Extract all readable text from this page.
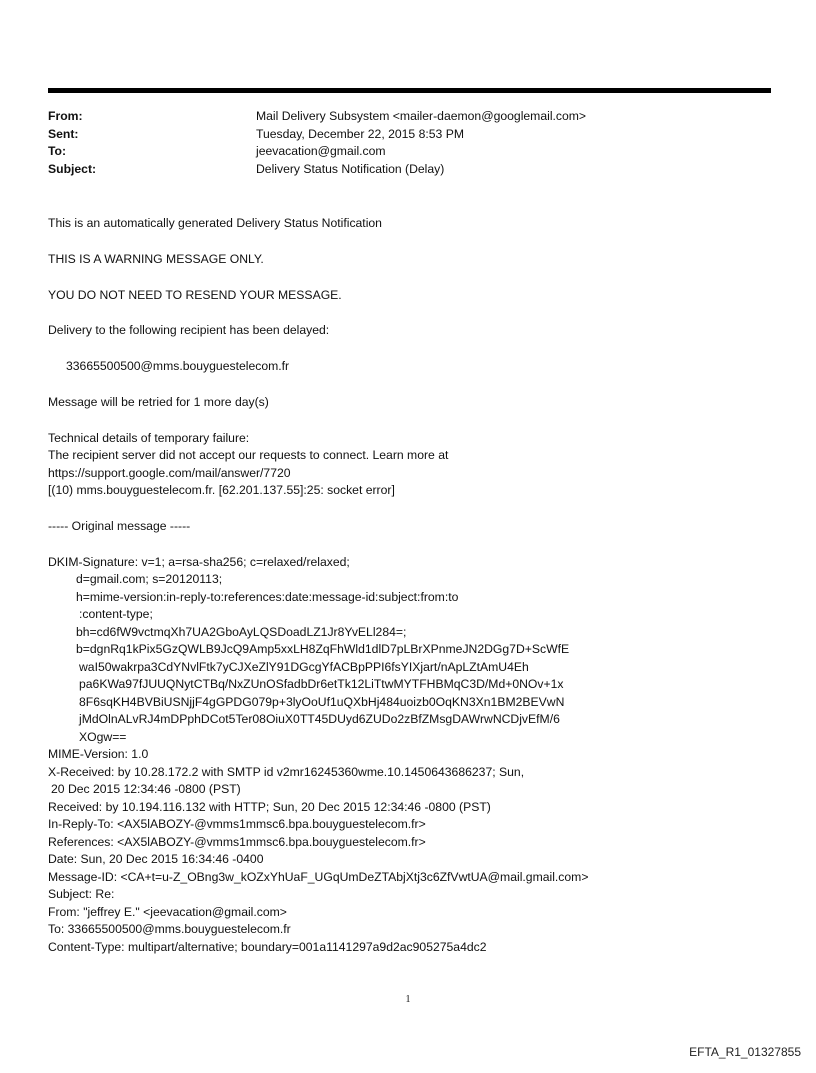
From:	Mail Delivery Subsystem <mailer-daemon@googlemail.com>
Sent:	Tuesday, December 22, 2015 8:53 PM
To:	jeevacation@gmail.com
Subject:	Delivery Status Notification (Delay)

This is an automatically generated Delivery Status Notification

THIS IS A WARNING MESSAGE ONLY.

YOU DO NOT NEED TO RESEND YOUR MESSAGE.

Delivery to the following recipient has been delayed:

33665500500@mms.bouyguestelecom.fr

Message will be retried for 1 more day(s)

Technical details of temporary failure:

The recipient server did not accept our requests to connect. Learn more at

https://support.google.com/mail/answer/7720

[(10) mms.bouyguestelecom.fr. [62.201.137.55]:25: socket error]

----- Original message -----

DKIM-Signature: v=1; a=rsa-sha256; c=relaxed/relaxed;

d=gmail.com; s=20120113;

h=mime-version:in-reply-to:references:date:message-id:subject:from:to

:content-type;

bh=cd6fW9vctmqXh7UA2GboAyLQSDoadLZ1Jr8YvELl284=;

b=dgnRq1kPix5GzQWLB9JcQ9Amp5xxLH8ZqFhWld1dlD7pLBrXPnmeJN2DGg7D+ScWfE

waI50wakrpa3CdYNvlFtk7yCJXeZlY91DGcgYfACBpPPI6fsYIXjart/nApLZtAmU4Eh

pa6KWa97fJUUQNytCTBq/NxZUnOSfadbDr6etTk12LiTtwMYTFHBMqC3D/Md+0NOv+1x

8F6sqKH4BVBiUSNjjF4gGPDG079p+3lyOoUf1uQXbHj484uoizb0OqKN3Xn1BM2BEVwN

jMdOlnALvRJ4mDPphDCot5Ter08OiuX0TT45DUyd6ZUDo2zBfZMsgDAWrwNCDjvEfM/6

XOgw==

MIME-Version: 1.0

X-Received: by 10.28.172.2 with SMTP id v2mr16245360wme.10.1450643686237; Sun,

20 Dec 2015 12:34:46 -0800 (PST)

Received: by 10.194.116.132 with HTTP; Sun, 20 Dec 2015 12:34:46 -0800 (PST)

In-Reply-To: <AX5lABOZY-@vmms1mmsc6.bpa.bouyguestelecom.fr>

References: <AX5lABOZY-@vmms1mmsc6.bpa.bouyguestelecom.fr>

Date: Sun, 20 Dec 2015 16:34:46 -0400

Message-ID: <CA+t=u-Z_OBng3w_kOZxYhUaF_UGqUmDeZTAbjXtj3c6ZfVwtUA@mail.gmail.com>

Subject: Re:

From: "jeffrey E." <jeevacation@gmail.com>

To: 33665500500@mms.bouyguestelecom.fr

Content-Type: multipart/alternative; boundary=001a1141297a9d2ac905275a4dc2

1
EFTA_R1_01327855
